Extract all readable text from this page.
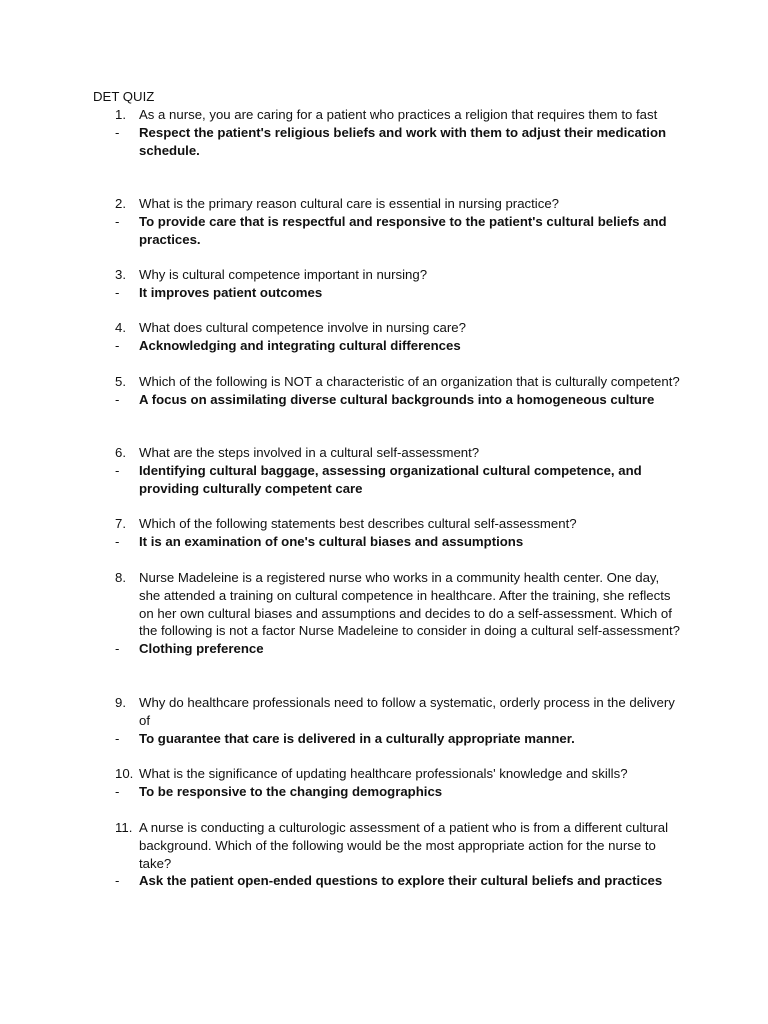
DET QUIZ
1. As a nurse, you are caring for a patient who practices a religion that requires them to fast
-	Respect the patient's religious beliefs and work with them to adjust their medication schedule.
2. What is the primary reason cultural care is essential in nursing practice?
-	To provide care that is respectful and responsive to the patient's cultural beliefs and practices.
3. Why is cultural competence important in nursing?
-	It improves patient outcomes
4. What does cultural competence involve in nursing care?
-	Acknowledging and integrating cultural differences
5. Which of the following is NOT a characteristic of an organization that is culturally competent?
-	A focus on assimilating diverse cultural backgrounds into a homogeneous culture
6. What are the steps involved in a cultural self-assessment?
-	Identifying cultural baggage, assessing organizational cultural competence, and providing culturally competent care
7. Which of the following statements best describes cultural self-assessment?
-	It is an examination of one's cultural biases and assumptions
8. Nurse Madeleine is a registered nurse who works in a community health center. One day, she attended a training on cultural competence in healthcare. After the training, she reflects on her own cultural biases and assumptions and decides to do a self-assessment. Which of the following is not a factor Nurse Madeleine to consider in doing a cultural self-assessment?
-	Clothing preference
9. Why do healthcare professionals need to follow a systematic, orderly process in the delivery of
-	To guarantee that care is delivered in a culturally appropriate manner.
10. What is the significance of updating healthcare professionals' knowledge and skills?
-	To be responsive to the changing demographics
11. A nurse is conducting a culturologic assessment of a patient who is from a different cultural background. Which of the following would be the most appropriate action for the nurse to take?
-	Ask the patient open-ended questions to explore their cultural beliefs and practices
